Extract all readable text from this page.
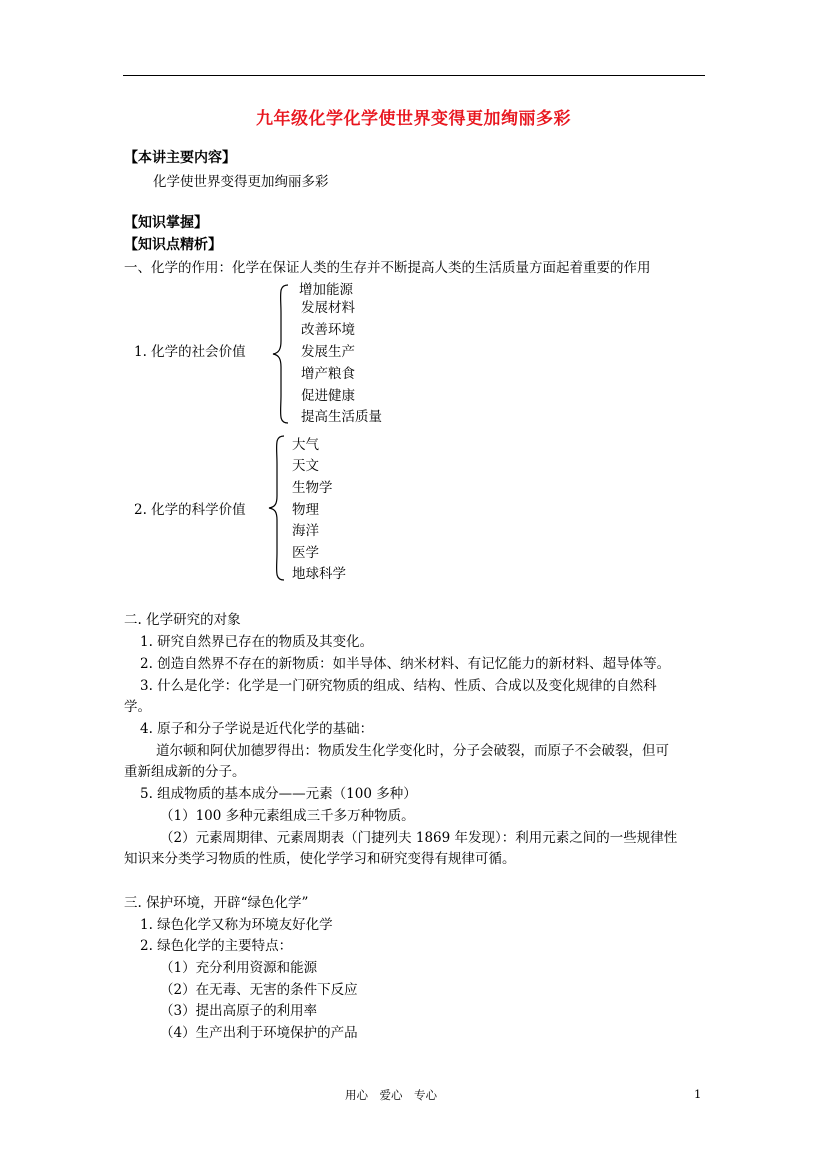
九年级化学化学使世界变得更加绚丽多彩
【本讲主要内容】
化学使世界变得更加绚丽多彩
【知识掌握】
【知识点精析】
一、化学的作用：化学在保证人类的生存并不断提高人类的生活质量方面起着重要的作用
1. 化学的社会价值
增加能源
发展材料
改善环境
发展生产
增产粮食
促进健康
提高生活质量
2. 化学的科学价值
大气
天文
生物学
物理
海洋
医学
地球科学
二. 化学研究的对象
1. 研究自然界已存在的物质及其变化。
2. 创造自然界不存在的新物质：如半导体、纳米材料、有记忆能力的新材料、超导体等。
3. 什么是化学：化学是一门研究物质的组成、结构、性质、合成以及变化规律的自然科
学。
4. 原子和分子学说是近代化学的基础：
道尔顿和阿伏加德罗得出：物质发生化学变化时，分子会破裂，而原子不会破裂，但可
重新组成新的分子。
5. 组成物质的基本成分——元素（100 多种）
（1）100 多种元素组成三千多万种物质。
（2）元素周期律、元素周期表（门捷列夫 1869 年发现）：利用元素之间的一些规律性
知识来分类学习物质的性质，使化学学习和研究变得有规律可循。
三. 保护环境，开辟“绿色化学”
1. 绿色化学又称为环境友好化学
2. 绿色化学的主要特点：
（1）充分利用资源和能源
（2）在无毒、无害的条件下反应
（3）提出高原子的利用率
（4）生产出利于环境保护的产品
用心　爱心　专心	1
